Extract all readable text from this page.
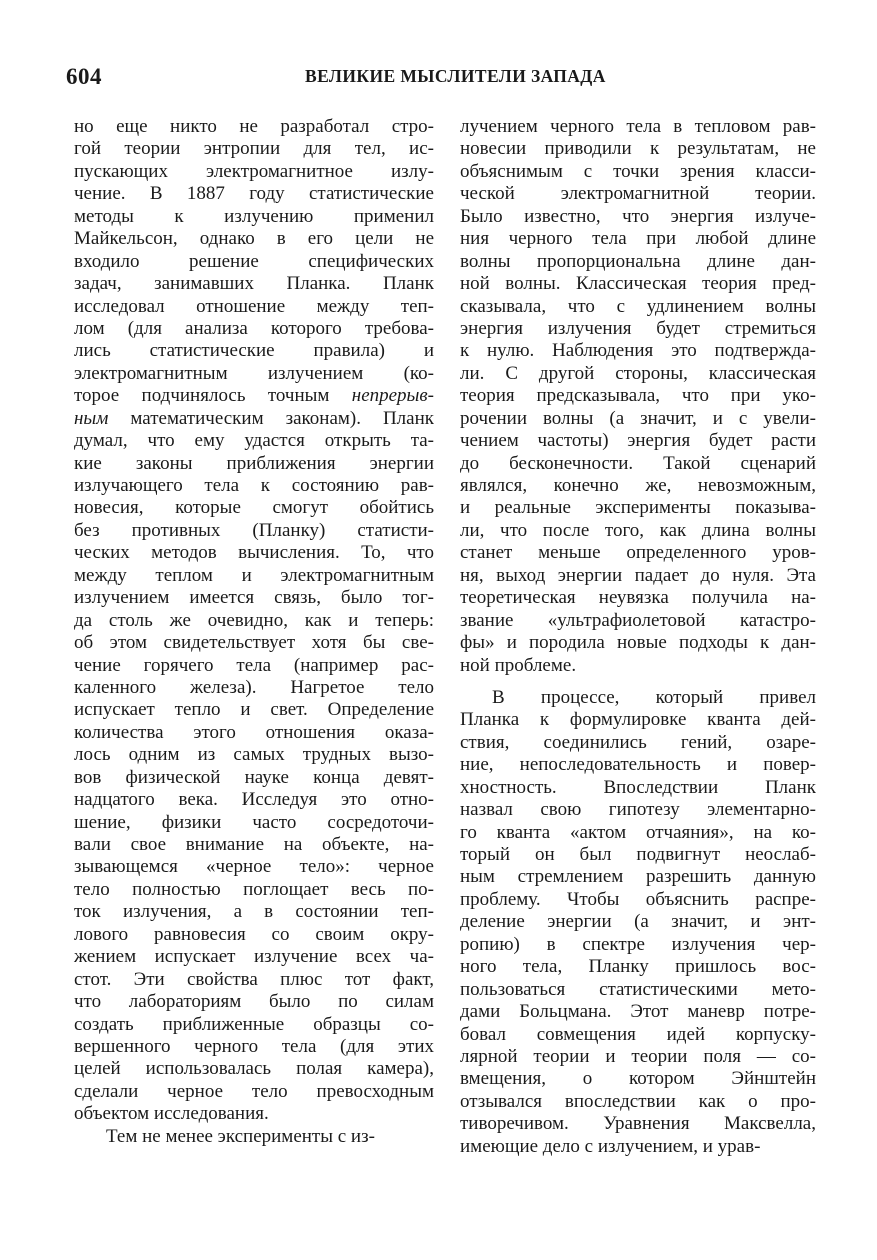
604	ВЕЛИКИЕ МЫСЛИТЕЛИ ЗАПАДА
но еще никто не разработал стро-
гой теории энтропии для тел, ис-
пускающих электромагнитное излу-
чение. В 1887 году статистические
методы к излучению применил
Майкельсон, однако в его цели не
входило решение специфических
задач, занимавших Планка. Планк
исследовал отношение между теп-
лом (для анализа которого требова-
лись статистические правила) и
электромагнитным излучением (ко-
торое подчинялось точным непрерыв-
ным математическим законам). Планк
думал, что ему удастся открыть та-
кие законы приближения энергии
излучающего тела к состоянию рав-
новесия, которые смогут обойтись
без противных (Планку) статисти-
ческих методов вычисления. То, что
между теплом и электромагнитным
излучением имеется связь, было тог-
да столь же очевидно, как и теперь:
об этом свидетельствует хотя бы све-
чение горячего тела (например рас-
каленного железа). Нагретое тело
испускает тепло и свет. Определение
количества этого отношения оказа-
лось одним из самых трудных вызо-
вов физической науке конца девят-
надцатого века. Исследуя это отно-
шение, физики часто сосредоточи-
вали свое внимание на объекте, на-
зывающемся «черное тело»: черное
тело полностью поглощает весь по-
ток излучения, а в состоянии теп-
лового равновесия со своим окру-
жением испускает излучение всех ча-
стот. Эти свойства плюс тот факт,
что лабораториям было по силам
создать приближенные образцы со-
вершенного черного тела (для этих
целей использовалась полая камера),
сделали черное тело превосходным
объектом исследования.
Тем не менее эксперименты с из-
лучением черного тела в тепловом рав-
новесии приводили к результатам, не
объяснимым с точки зрения класси-
ческой электромагнитной теории.
Было известно, что энергия излуче-
ния черного тела при любой длине
волны пропорциональна длине дан-
ной волны. Классическая теория пред-
сказывала, что с удлинением волны
энергия излучения будет стремиться
к нулю. Наблюдения это подтвержда-
ли. С другой стороны, классическая
теория предсказывала, что при уко-
рочении волны (а значит, и с увели-
чением частоты) энергия будет расти
до бесконечности. Такой сценарий
являлся, конечно же, невозможным,
и реальные эксперименты показыва-
ли, что после того, как длина волны
станет меньше определенного уров-
ня, выход энергии падает до нуля. Эта
теоретическая неувязка получила на-
звание «ультрафиолетовой катастро-
фы» и породила новые подходы к дан-
ной проблеме.
В процессе, который привел
Планка к формулировке кванта дей-
ствия, соединились гений, озаре-
ние, непоследовательность и повер-
хностность. Впоследствии Планк
назвал свою гипотезу элементарно-
го кванта «актом отчаяния», на ко-
торый он был подвигнут неослаб-
ным стремлением разрешить данную
проблему. Чтобы объяснить распре-
деление энергии (а значит, и энт-
ропию) в спектре излучения чер-
ного тела, Планку пришлось вос-
пользоваться статистическими мето-
дами Больцмана. Этот маневр потре-
бовал совмещения идей корпуску-
лярной теории и теории поля — со-
вмещения, о котором Эйнштейн
отзывался впоследствии как о про-
тиворечивом. Уравнения Максвелла,
имеющие дело с излучением, и урав-
